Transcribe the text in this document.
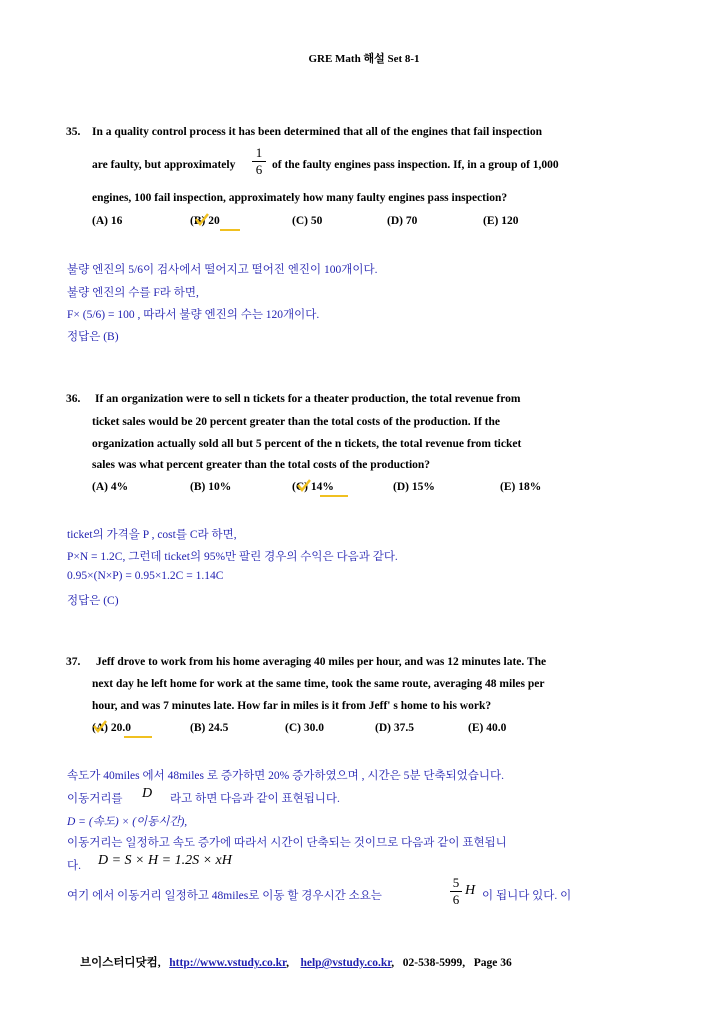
GRE Math 해설 Set 8-1
35. In a quality control process it has been determined that all of the engines that fail inspection
are faulty, but approximately
1
6 of the faulty engines pass inspection. If, in a group of 1,000
engines, 100 fail inspection, approximately how many faulty engines pass inspection?
(A) 16	(B) 20	(C) 50	(D) 70	(E) 120
불량 엔진의 5/6이 검사에서 떨어지고 떨어진 엔진이 100개이다.
불량 엔진의 수를 F라 하면,
F× (5/6) = 100 , 따라서 불량 엔진의 수는 120개이다.
정답은 (B)
36. If an organization were to sell n tickets for a theater production, the total revenue from
ticket sales would be 20 percent greater than the total costs of the production. If the
organization actually sold all but 5 percent of the n tickets, the total revenue from ticket
sales was what percent greater than the total costs of the production?
(A) 4%	(B) 10%	(C) 14%	(D) 15%	(E) 18%
ticket의 가격을 P , cost를 C라 하면,
P×N = 1.2C, 그런데 ticket의 95%만 팔린 경우의 수익은 다음과 같다.
0.95×(N×P) = 0.95×1.2C = 1.14C
정답은 (C)
37. Jeff drove to work from his home averaging 40 miles per hour, and was 12 minutes late. The
next day he left home for work at the same time, took the same route, averaging 48 miles per
hour, and was 7 minutes late. How far in miles is it from Jeff' s home to his work?
(A) 20.0	(B) 24.5	(C) 30.0	(D) 37.5	(E) 40.0
속도가 40miles 에서 48miles 로 증가하면 20% 증가하였으며 , 시간은 5분 단축되었습니다.
이동거리를 D 라고 하면 다음과 같이 표현됩니다.
D = (속도) × (이동시간),
이동거리는 일정하고 속도 증가에 따라서 시간이 단축되는 것이므로 다음과 같이 표현됩니
다. D = S × H = 1.2S × xH
여기 에서 이동거리 일정하고 48miles로 이동 할 경우시간 소요는
5
6
H 이 됩니다 있다. 이
브이스터디닷컴,   http://www.vstudy.co.kr,    help@vstudy.co.kr,   02-538-5999, Page 36
